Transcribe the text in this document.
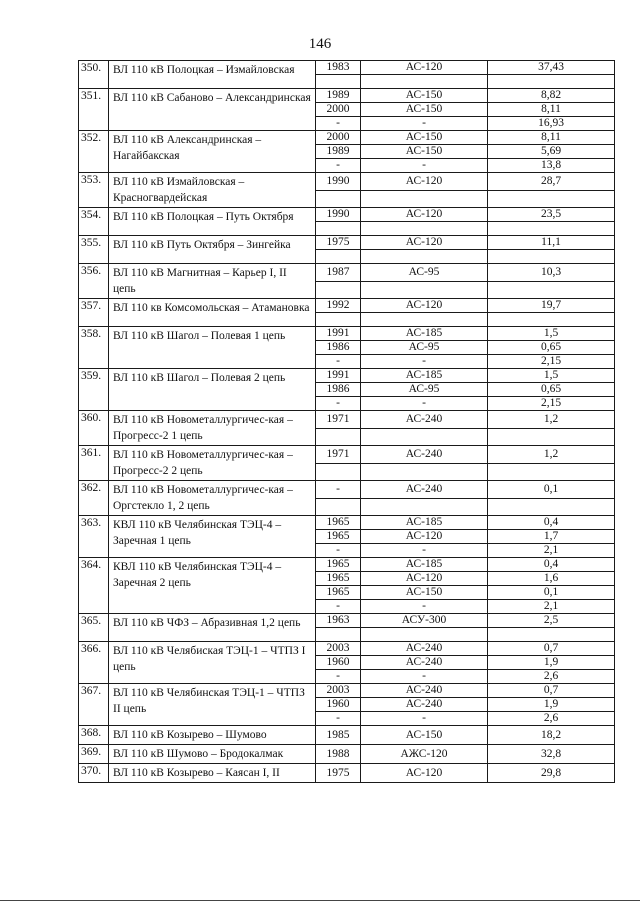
146
350.	ВЛ 110 кВ Полоцкая – Измайловская	1983	АС-120	37,43

351.	ВЛ 110 кВ Сабаново – Александринская	1989	АС-150	8,82
		2000	АС-150	8,11
		-	-	16,93
352.	ВЛ 110 кВ Александринская – Нагайбакская	2000	АС-150	8,11
		1989	АС-150	5,69
		-	-	13,8
353.	ВЛ 110 кВ Измайловская – Красногвардейская	1990	АС-120	28,7

354.	ВЛ 110 кВ Полоцкая – Путь Октября	1990	АС-120	23,5

355.	ВЛ 110 кВ Путь Октября – Зингейка	1975	АС-120	11,1

356.	ВЛ 110 кВ Магнитная – Карьер I, II цепь	1987	АС-95	10,3

357.	ВЛ 110 кв Комсомольская – Атамановка	1992	АС-120	19,7

358.	ВЛ 110 кВ Шагол – Полевая 1 цепь	1991	АС-185	1,5
		1986	АС-95	0,65
		-	-	2,15
359.	ВЛ 110 кВ Шагол – Полевая 2 цепь	1991	АС-185	1,5
		1986	АС-95	0,65
		-	-	2,15
360.	ВЛ 110 кВ Новометаллургичес-кая – Прогресс-2 1 цепь	1971	АС-240	1,2

361.	ВЛ 110 кВ Новометаллургичес-кая – Прогресс-2 2 цепь	1971	АС-240	1,2

362.	ВЛ 110 кВ Новометаллургичес-кая – Оргстекло 1, 2 цепь	-	АС-240	0,1

363.	КВЛ 110 кВ Челябинская ТЭЦ-4 – Заречная 1 цепь	1965	АС-185	0,4
		1965	АС-120	1,7
		-	-	2,1
364.	КВЛ 110 кВ Челябинская ТЭЦ-4 – Заречная 2 цепь	1965	АС-185	0,4
		1965	АС-120	1,6
		1965	АС-150	0,1
		-	-	2,1
365.	ВЛ 110 кВ ЧФЗ – Абразивная 1,2 цепь	1963	АСУ-300	2,5

366.	ВЛ 110 кВ Челябиская ТЭЦ-1 – ЧТПЗ I цепь	2003	АС-240	0,7
		1960	АС-240	1,9
		-	-	2,6
367.	ВЛ 110 кВ Челябинская ТЭЦ-1 – ЧТПЗ II цепь	2003	АС-240	0,7
		1960	АС-240	1,9
		-	-	2,6
368.	ВЛ 110 кВ Козырево – Шумово	1985	АС-150	18,2
369.	ВЛ 110 кВ Шумово – Бродокалмак	1988	АЖС-120	32,8
370.	ВЛ 110 кВ Козырево – Каясан I, II	1975	АС-120	29,8
